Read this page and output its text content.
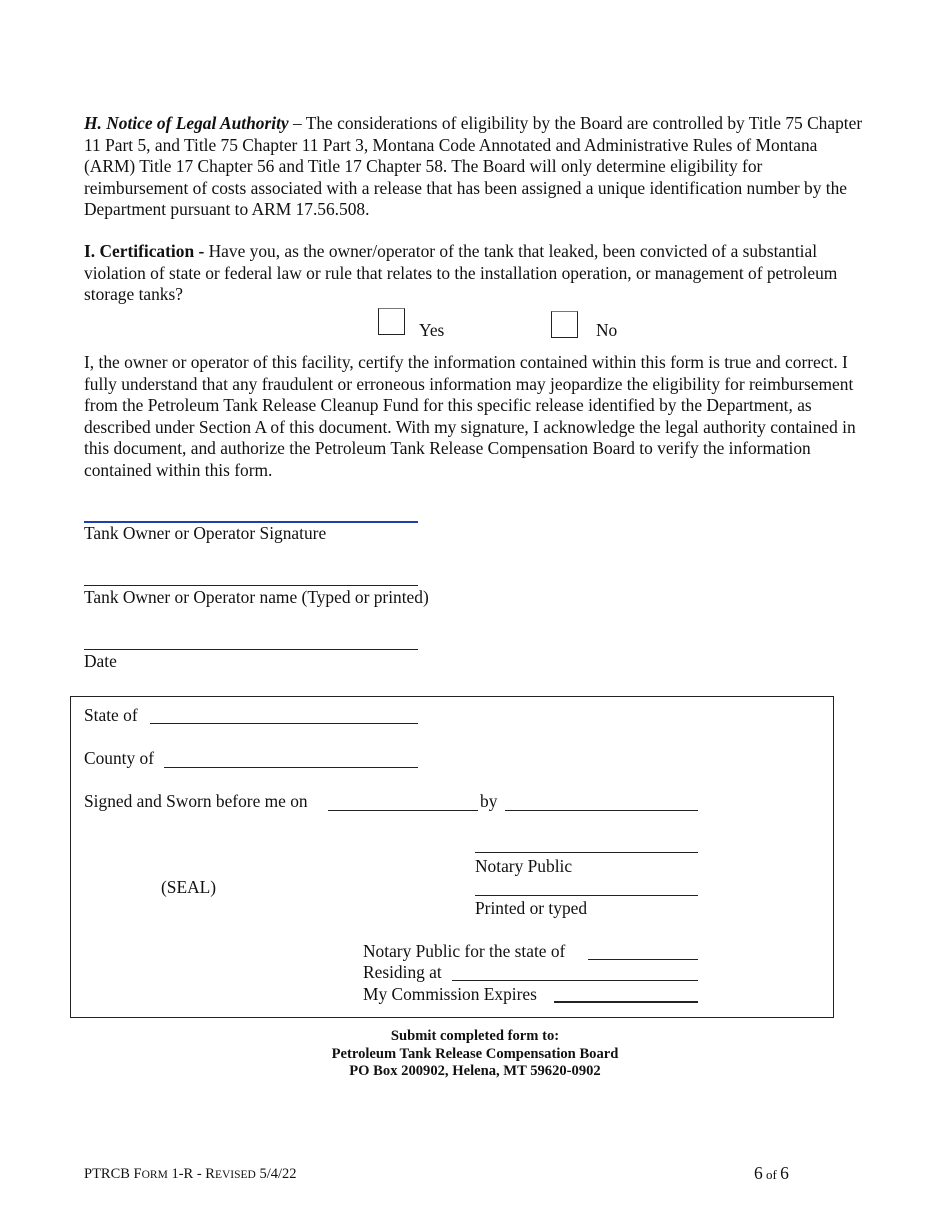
H. Notice of Legal Authority – The considerations of eligibility by the Board are controlled by Title 75 Chapter 11 Part 5, and Title 75 Chapter 11 Part 3, Montana Code Annotated and Administrative Rules of Montana (ARM) Title 17 Chapter 56 and Title 17 Chapter 58. The Board will only determine eligibility for reimbursement of costs associated with a release that has been assigned a unique identification number by the Department pursuant to ARM 17.56.508.

I. Certification - Have you, as the owner/operator of the tank that leaked, been convicted of a substantial violation of state or federal law or rule that relates to the installation operation, or management of petroleum storage tanks?

Yes	No

I, the owner or operator of this facility, certify the information contained within this form is true and correct. I fully understand that any fraudulent or erroneous information may jeopardize the eligibility for reimbursement from the Petroleum Tank Release Cleanup Fund for this specific release identified by the Department, as described under Section A of this document. With my signature, I acknowledge the legal authority contained in this document, and authorize the Petroleum Tank Release Compensation Board to verify the information contained within this form.

Tank Owner or Operator Signature
Tank Owner or Operator name (Typed or printed)
Date
State of
County of
Signed and Sworn before me on	by
Notary Public
(SEAL)
Printed or typed
Notary Public for the state of
Residing at
My Commission Expires
Submit completed form to:
Petroleum Tank Release Compensation Board
PO Box 200902, Helena, MT 59620-0902
PTRCB FORM 1-R - REVISED 5/4/22	6 of 6
